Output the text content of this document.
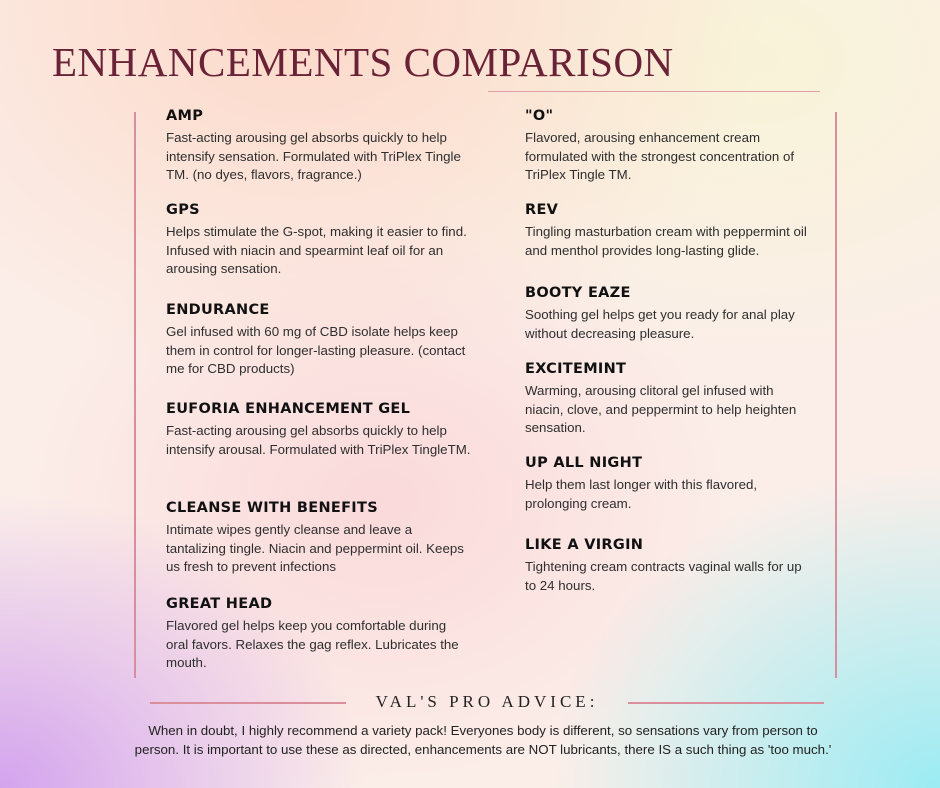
ENHANCEMENTS COMPARISON
AMP

Fast-acting arousing gel absorbs quickly to help intensify sensation. Formulated with TriPlex Tingle TM. (no dyes, flavors, fragrance.)

GPS

Helps stimulate the G-spot, making it easier to find. Infused with niacin and spearmint leaf oil for an arousing sensation.

ENDURANCE

Gel infused with 60 mg of CBD isolate helps keep them in control for longer-lasting pleasure. (contact me for CBD products)

EUFORIA ENHANCEMENT GEL

Fast-acting arousing gel absorbs quickly to help intensify arousal. Formulated with TriPlex TingleTM.

CLEANSE WITH BENEFITS

Intimate wipes gently cleanse and leave a tantalizing tingle. Niacin and peppermint oil. Keeps us fresh to prevent infections

GREAT HEAD

Flavored gel helps keep you comfortable during oral favors. Relaxes the gag reflex. Lubricates the mouth.

"O"

Flavored, arousing enhancement cream formulated with the strongest concentration of TriPlex Tingle TM.

REV

Tingling masturbation cream with peppermint oil and menthol provides long-lasting glide.

BOOTY EAZE

Soothing gel helps get you ready for anal play without decreasing pleasure.

EXCITEMINT

Warming, arousing clitoral gel infused with niacin, clove, and peppermint to help heighten sensation.

UP ALL NIGHT

Help them last longer with this flavored, prolonging cream.

LIKE A VIRGIN

Tightening cream contracts vaginal walls for up to 24 hours.

VAL'S PRO ADVICE:

When in doubt, I highly recommend a variety pack! Everyones body is different, so sensations vary from person to person. It is important to use these as directed, enhancements are NOT lubricants, there IS a such thing as 'too much.'
